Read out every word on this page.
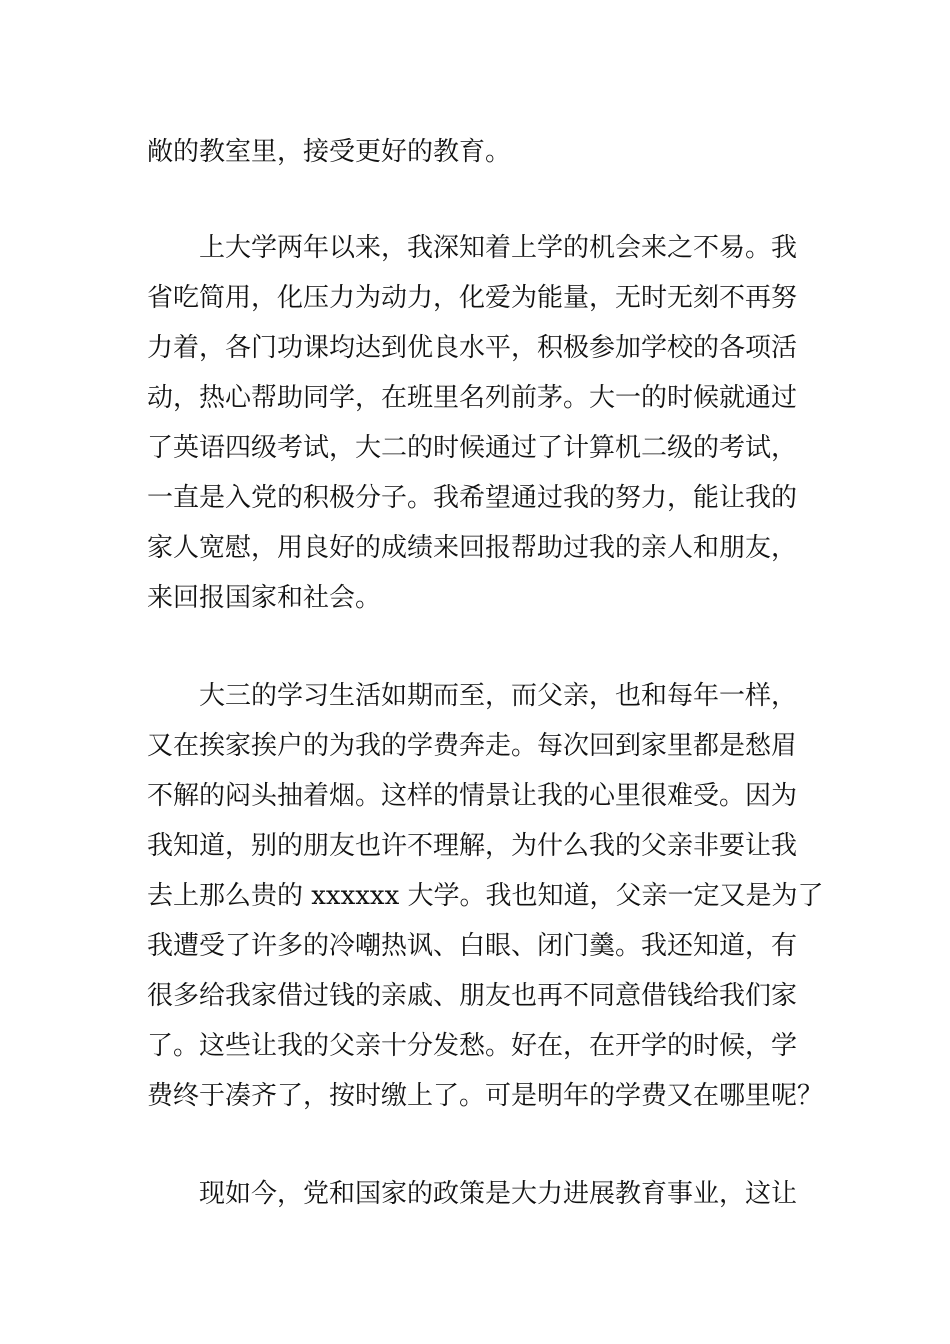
敞的教室里，接受更好的教育。
上大学两年以来，我深知着上学的机会来之不易。我
省吃简用，化压力为动力，化爱为能量，无时无刻不再努
力着，各门功课均达到优良水平，积极参加学校的各项活
动，热心帮助同学，在班里名列前茅。大一的时候就通过
了英语四级考试，大二的时候通过了计算机二级的考试，
一直是入党的积极分子。我希望通过我的努力，能让我的
家人宽慰，用良好的成绩来回报帮助过我的亲人和朋友，
来回报国家和社会。
大三的学习生活如期而至，而父亲，也和每年一样，
又在挨家挨户的为我的学费奔走。每次回到家里都是愁眉
不解的闷头抽着烟。这样的情景让我的心里很难受。因为
我知道，别的朋友也许不理解，为什么我的父亲非要让我
去上那么贵的 xxxxxx 大学。我也知道，父亲一定又是为了
我遭受了许多的冷嘲热讽、白眼、闭门羹。我还知道，有
很多给我家借过钱的亲戚、朋友也再不同意借钱给我们家
了。这些让我的父亲十分发愁。好在，在开学的时候，学
费终于凑齐了，按时缴上了。可是明年的学费又在哪里呢？
现如今，党和国家的政策是大力进展教育事业，这让
